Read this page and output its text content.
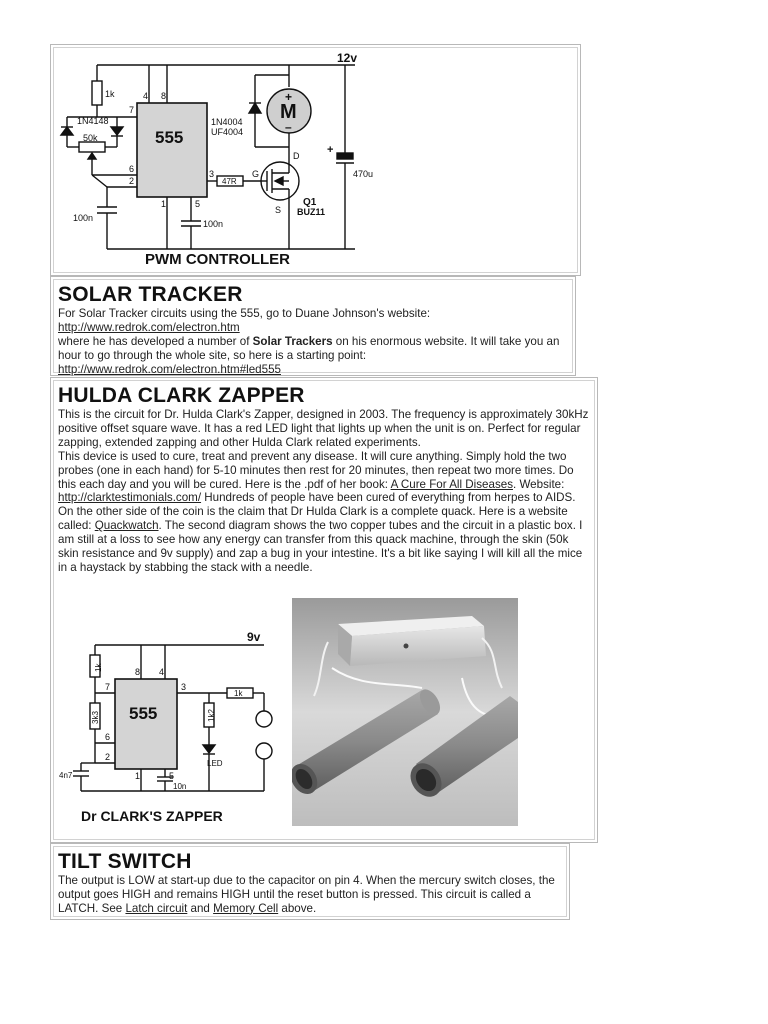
12v
1k
1N4148
50k	555
4 8
7
6
2
3
1	5
1N4004
UF4004
M
+
–
47R
G
D
S
Q1
BUZ11
+
470u
100n
100n
PWM CONTROLLER
SOLAR TRACKER

For Solar Tracker circuits using the 555, go to Duane Johnson's website:
http://www.redrok.com/electron.htm
where he has developed a number of Solar Trackers on his enormous website. It will take you an hour to go through the whole site, so here is a starting point:
http://www.redrok.com/electron.htm#led555

HULDA CLARK ZAPPER

This is the circuit for Dr. Hulda Clark's Zapper, designed in 2003. The frequency is approximately 30kHz positive offset square wave. It has a red LED light that lights up when the unit is on. Perfect for regular zapping, extended zapping and other Hulda Clark related experiments.

This device is used to cure, treat and prevent any disease. It will cure anything. Simply hold the two probes (one in each hand) for 5-10 minutes then rest for 20 minutes, then repeat two more times. Do this each day and you will be cured. Here is the .pdf of her book: A Cure For All Diseases. Website: http://clarktestimonials.com/ Hundreds of people have been cured of everything from herpes to AIDS.

On the other side of the coin is the claim that Dr Hulda Clark is a complete quack. Here is a website called: Quackwatch. The second diagram shows the two copper tubes and the circuit in a plastic box. I am still at a loss to see how any energy can transfer from this quack machine, through the skin (50k skin resistance and 9v supply) and zap a bug in your intestine. It's a bit like saying I will kill all the mice in a haystack by stabbing the stack with a needle.

9v
1k
3k3	1k2
1k
555
8 4
7
6
2
3
1	5
4n7
10n
LED
Dr CLARK'S ZAPPER
TILT SWITCH

The output is LOW at start-up due to the capacitor on pin 4. When the mercury switch closes, the output goes HIGH and remains HIGH until the reset button is pressed. This circuit is called a LATCH. See Latch circuit and Memory Cell above.
